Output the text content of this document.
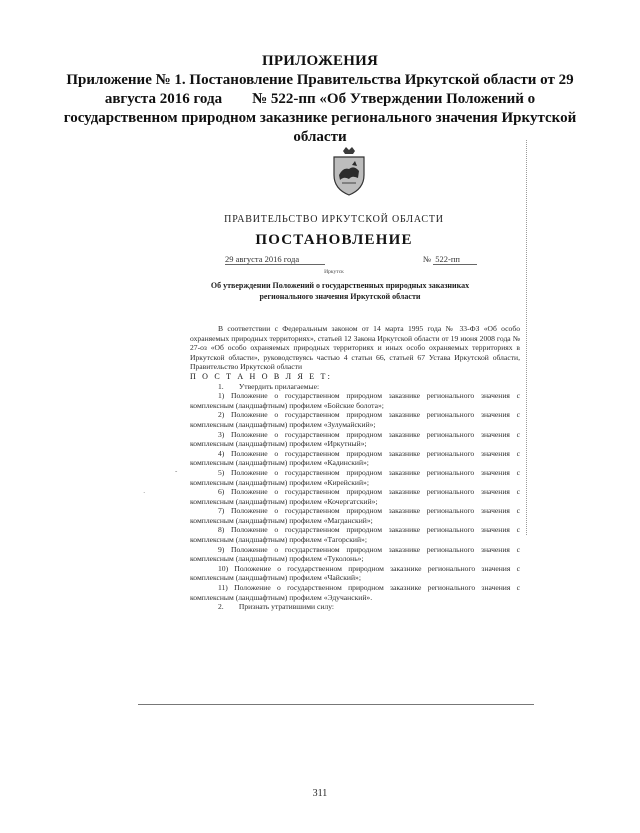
ПРИЛОЖЕНИЯ
Приложение № 1. Постановление Правительства Иркутской области от 29
августа 2016 года        № 522-пп «Об Утверждении Положений о
государственном природном заказнике регионального значения Иркутской
области
ПРАВИТЕЛЬСТВО ИРКУТСКОЙ ОБЛАСТИ
ПОСТАНОВЛЕНИЕ
29 августа 2016 года	№ 522-пп
Иркутск
Об утверждении Положений о государственных природных заказниках регионального значения Иркутской области

В соответствии с Федеральным законом от 14 марта 1995 года № 33-ФЗ «Об особо охраняемых природных территориях», статьей 12 Закона Иркутской области от 19 июня 2008 года № 27-оз «Об особо охраняемых природных территориях и иных особо охраняемых территориях в Иркутской области», руководствуясь частью 4 статьи 66, статьей 67 Устава Иркутской области, Правительство Иркутской области

П О С Т А Н О В Л Я Е Т:

1.        Утвердить прилагаемые:

1) Положение о государственном природном заказнике регионального значения с комплексным (ландшафтным) профилем «Бойские болота»;

2) Положение о государственном природном заказнике регионального значения с комплексным (ландшафтным) профилем «Зулумайский»;

3) Положение о государственном природном заказнике регионального значения с комплексным (ландшафтным) профилем «Иркутный»;

4) Положение о государственном природном заказнике регионального значения с комплексным (ландшафтным) профилем «Кадинский»;

5) Положение о государственном природном заказнике регионального значения с комплексным (ландшафтным) профилем «Кирейский»;

6) Положение о государственном природном заказнике регионального значения с комплексным (ландшафтным) профилем «Кочергатский»;

7) Положение о государственном природном заказнике регионального значения с комплексным (ландшафтным) профилем «Магданский»;

8) Положение о государственном природном заказнике регионального значения с комплексным (ландшафтным) профилем «Тагорский»;

9) Положение о государственном природном заказнике регионального значения с комплексным (ландшафтным) профилем «Туколонь»;

10) Положение о государственном природном заказнике регионального значения с комплексным (ландшафтным) профилем «Чайский»;

11) Положение о государственном природном заказнике регионального значения с комплексным (ландшафтным) профилем «Эдучанский».

2.        Признать утратившими силу:

-
·
311
